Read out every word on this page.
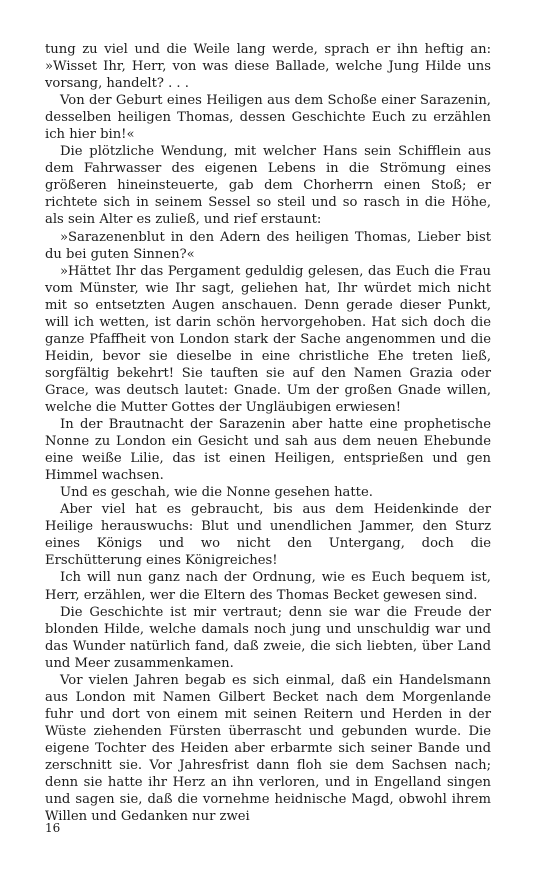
tung zu viel und die Weile lang werde, sprach er ihn heftig an: »Wisset Ihr, Herr, von was diese Ballade, welche Jung Hilde uns vorsang, handelt? . . .

Von der Geburt eines Heiligen aus dem Schoße einer Sarazenin, desselben heiligen Thomas, dessen Geschichte Euch zu erzählen ich hier bin!«

Die plötzliche Wendung, mit welcher Hans sein Schifflein aus dem Fahrwasser des eigenen Lebens in die Strömung eines größeren hineinsteuerte, gab dem Chorherrn einen Stoß; er richtete sich in seinem Sessel so steil und so rasch in die Höhe, als sein Alter es zuließ, und rief erstaunt:

»Sarazenenblut in den Adern des heiligen Thomas, Lieber bist du bei guten Sinnen?«

»Hättet Ihr das Pergament geduldig gelesen, das Euch die Frau vom Münster, wie Ihr sagt, geliehen hat, Ihr würdet mich nicht mit so entsetzten Augen anschauen. Denn gerade dieser Punkt, will ich wetten, ist darin schön hervorgehoben. Hat sich doch die ganze Pfaffheit von London stark der Sache angenommen und die Heidin, bevor sie dieselbe in eine christliche Ehe treten ließ, sorgfältig bekehrt! Sie tauften sie auf den Namen Grazia oder Grace, was deutsch lautet: Gnade. Um der großen Gnade willen, welche die Mutter Gottes der Ungläubigen erwiesen!

In der Brautnacht der Sarazenin aber hatte eine prophetische Nonne zu London ein Gesicht und sah aus dem neuen Ehebunde eine weiße Lilie, das ist einen Heiligen, entsprießen und gen Himmel wachsen.

Und es geschah, wie die Nonne gesehen hatte.

Aber viel hat es gebraucht, bis aus dem Heidenkinde der Heilige herauswuchs: Blut und unendlichen Jammer, den Sturz eines Königs und wo nicht den Untergang, doch die Erschütterung eines Königreiches!

Ich will nun ganz nach der Ordnung, wie es Euch bequem ist, Herr, erzählen, wer die Eltern des Thomas Becket gewesen sind.

Die Geschichte ist mir vertraut; denn sie war die Freude der blonden Hilde, welche damals noch jung und unschuldig war und das Wunder natürlich fand, daß zweie, die sich liebten, über Land und Meer zusammenkamen.

Vor vielen Jahren begab es sich einmal, daß ein Handelsmann aus London mit Namen Gilbert Becket nach dem Morgenlande fuhr und dort von einem mit seinen Reitern und Herden in der Wüste ziehenden Fürsten überrascht und gebunden wurde. Die eigene Tochter des Heiden aber erbarmte sich seiner Bande und zerschnitt sie. Vor Jahresfrist dann floh sie dem Sachsen nach; denn sie hatte ihr Herz an ihn verloren, und in Engelland singen und sagen sie, daß die vornehme heidnische Magd, obwohl ihrem Willen und Gedanken nur zwei

16
